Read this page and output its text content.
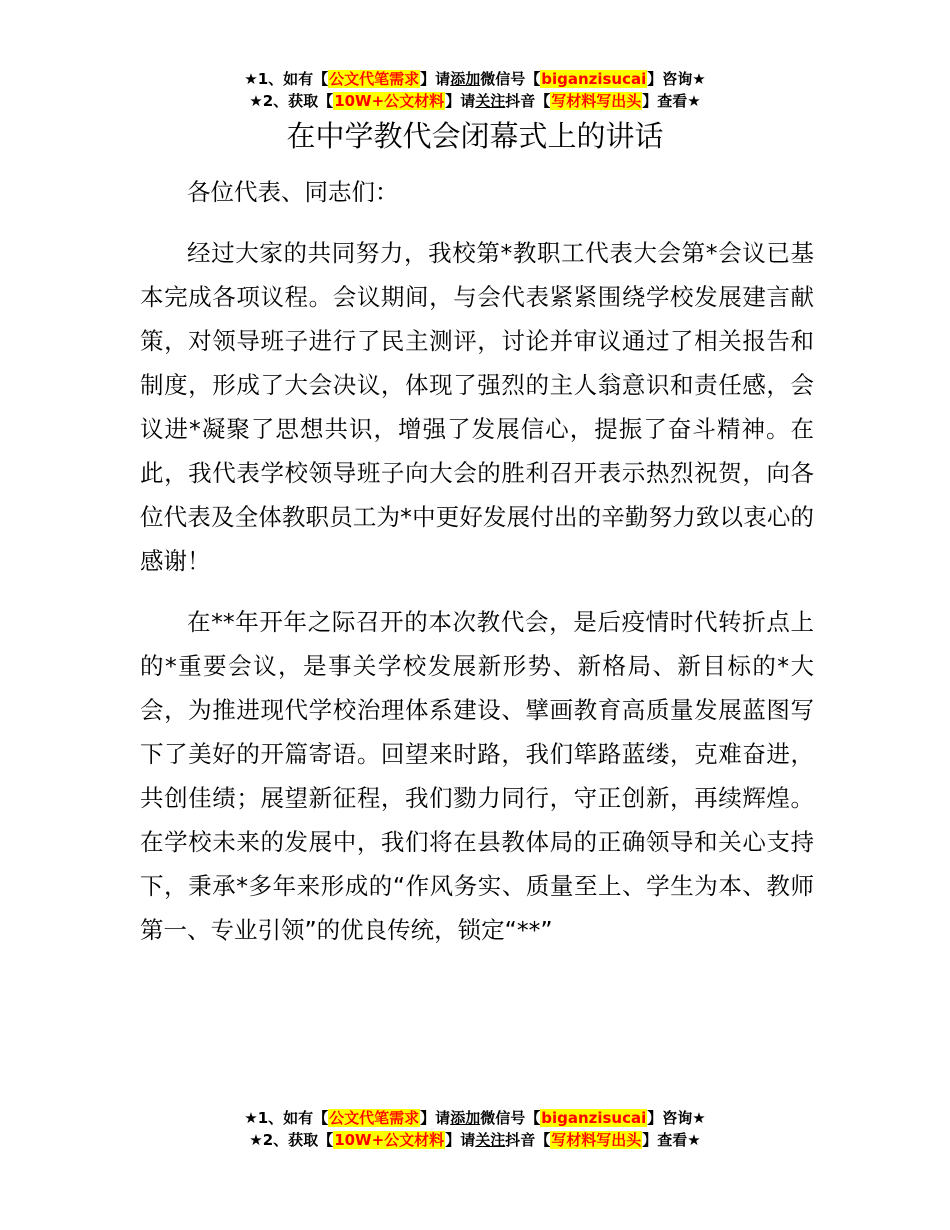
★1、如有【公文代笔需求】请添加微信号【biganzisucai】咨询★
★2、获取【10W+公文材料】请关注抖音【写材料写出头】查看★
在中学教代会闭幕式上的讲话

各位代表、同志们：

经过大家的共同努力，我校第*教职工代表大会第*会议已基本完成各项议程。会议期间，与会代表紧紧围绕学校发展建言献策，对领导班子进行了民主测评，讨论并审议通过了相关报告和制度，形成了大会决议，体现了强烈的主人翁意识和责任感，会议进*凝聚了思想共识，增强了发展信心，提振了奋斗精神。在此，我代表学校领导班子向大会的胜利召开表示热烈祝贺，向各位代表及全体教职员工为*中更好发展付出的辛勤努力致以衷心的感谢！

在**年开年之际召开的本次教代会，是后疫情时代转折点上的*重要会议，是事关学校发展新形势、新格局、新目标的*大会，为推进现代学校治理体系建设、擘画教育高质量发展蓝图写下了美好的开篇寄语。回望来时路，我们筚路蓝缕，克难奋进，共创佳绩；展望新征程，我们勠力同行，守正创新，再续辉煌。在学校未来的发展中，我们将在县教体局的正确领导和关心支持下，秉承*多年来形成的“作风务实、质量至上、学生为本、教师第一、专业引领”的优良传统，锁定“**”

★1、如有【公文代笔需求】请添加微信号【biganzisucai】咨询★
★2、获取【10W+公文材料】请关注抖音【写材料写出头】查看★
